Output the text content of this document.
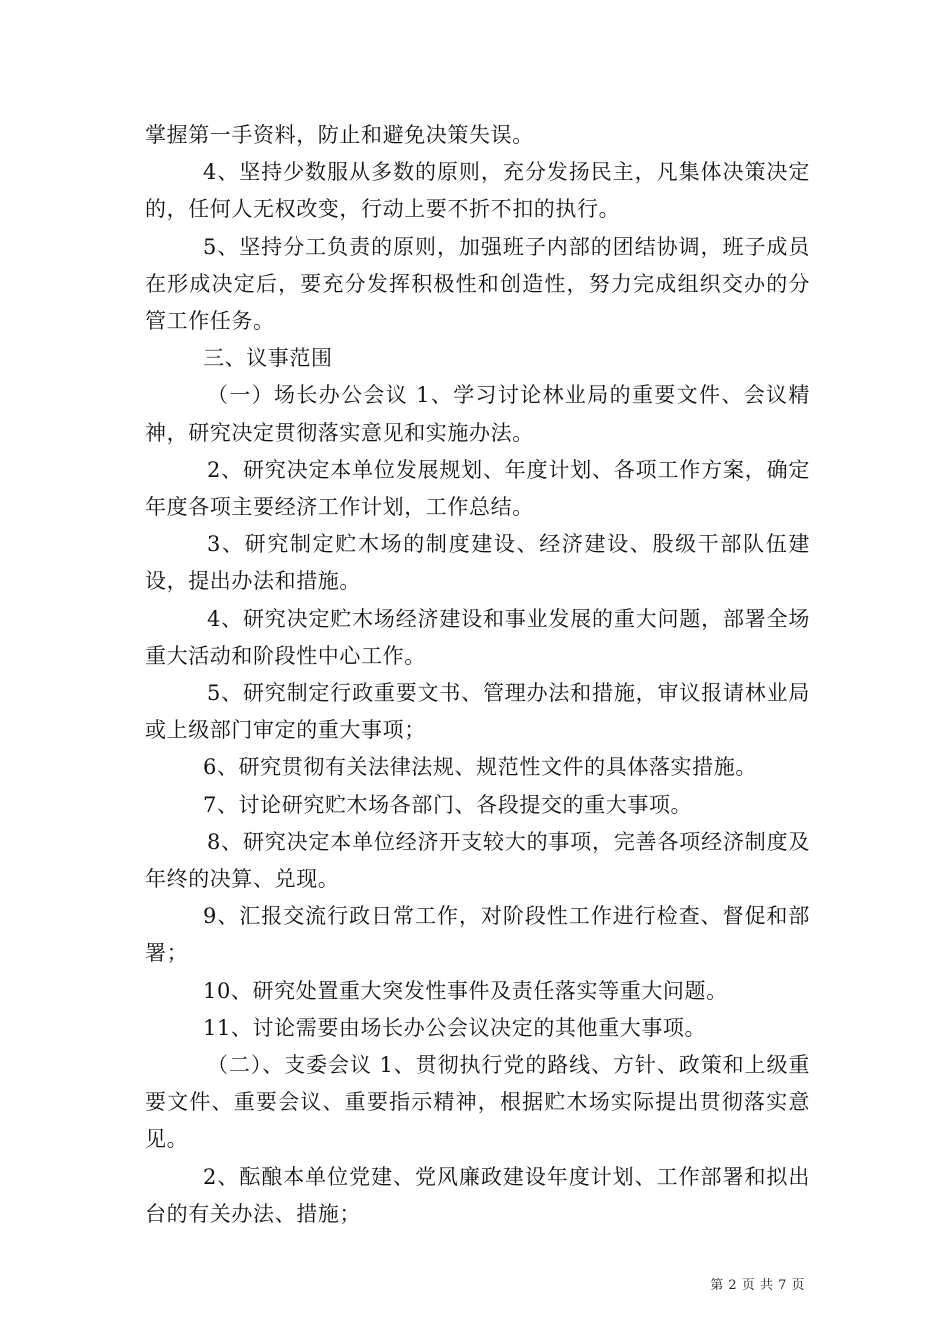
掌握第一手资料，防止和避免决策失误。

4、坚持少数服从多数的原则，充分发扬民主，凡集体决策决定的，任何人无权改变，行动上要不折不扣的执行。

5、坚持分工负责的原则，加强班子内部的团结协调，班子成员在形成决定后，要充分发挥积极性和创造性，努力完成组织交办的分管工作任务。

三、议事范围

（一）场长办公会议 1、学习讨论林业局的重要文件、会议精神，研究决定贯彻落实意见和实施办法。

2、研究决定本单位发展规划、年度计划、各项工作方案，确定年度各项主要经济工作计划，工作总结。

3、研究制定贮木场的制度建设、经济建设、股级干部队伍建设，提出办法和措施。

4、研究决定贮木场经济建设和事业发展的重大问题，部署全场重大活动和阶段性中心工作。

5、研究制定行政重要文书、管理办法和措施，审议报请林业局或上级部门审定的重大事项；

6、研究贯彻有关法律法规、规范性文件的具体落实措施。

7、讨论研究贮木场各部门、各段提交的重大事项。

8、研究决定本单位经济开支较大的事项，完善各项经济制度及年终的决算、兑现。

9、汇报交流行政日常工作，对阶段性工作进行检查、督促和部署；

10、研究处置重大突发性事件及责任落实等重大问题。

11、讨论需要由场长办公会议决定的其他重大事项。

（二）、支委会议 1、贯彻执行党的路线、方针、政策和上级重要文件、重要会议、重要指示精神，根据贮木场实际提出贯彻落实意见。

2、酝酿本单位党建、党风廉政建设年度计划、工作部署和拟出台的有关办法、措施；

第 2 页 共 7 页
